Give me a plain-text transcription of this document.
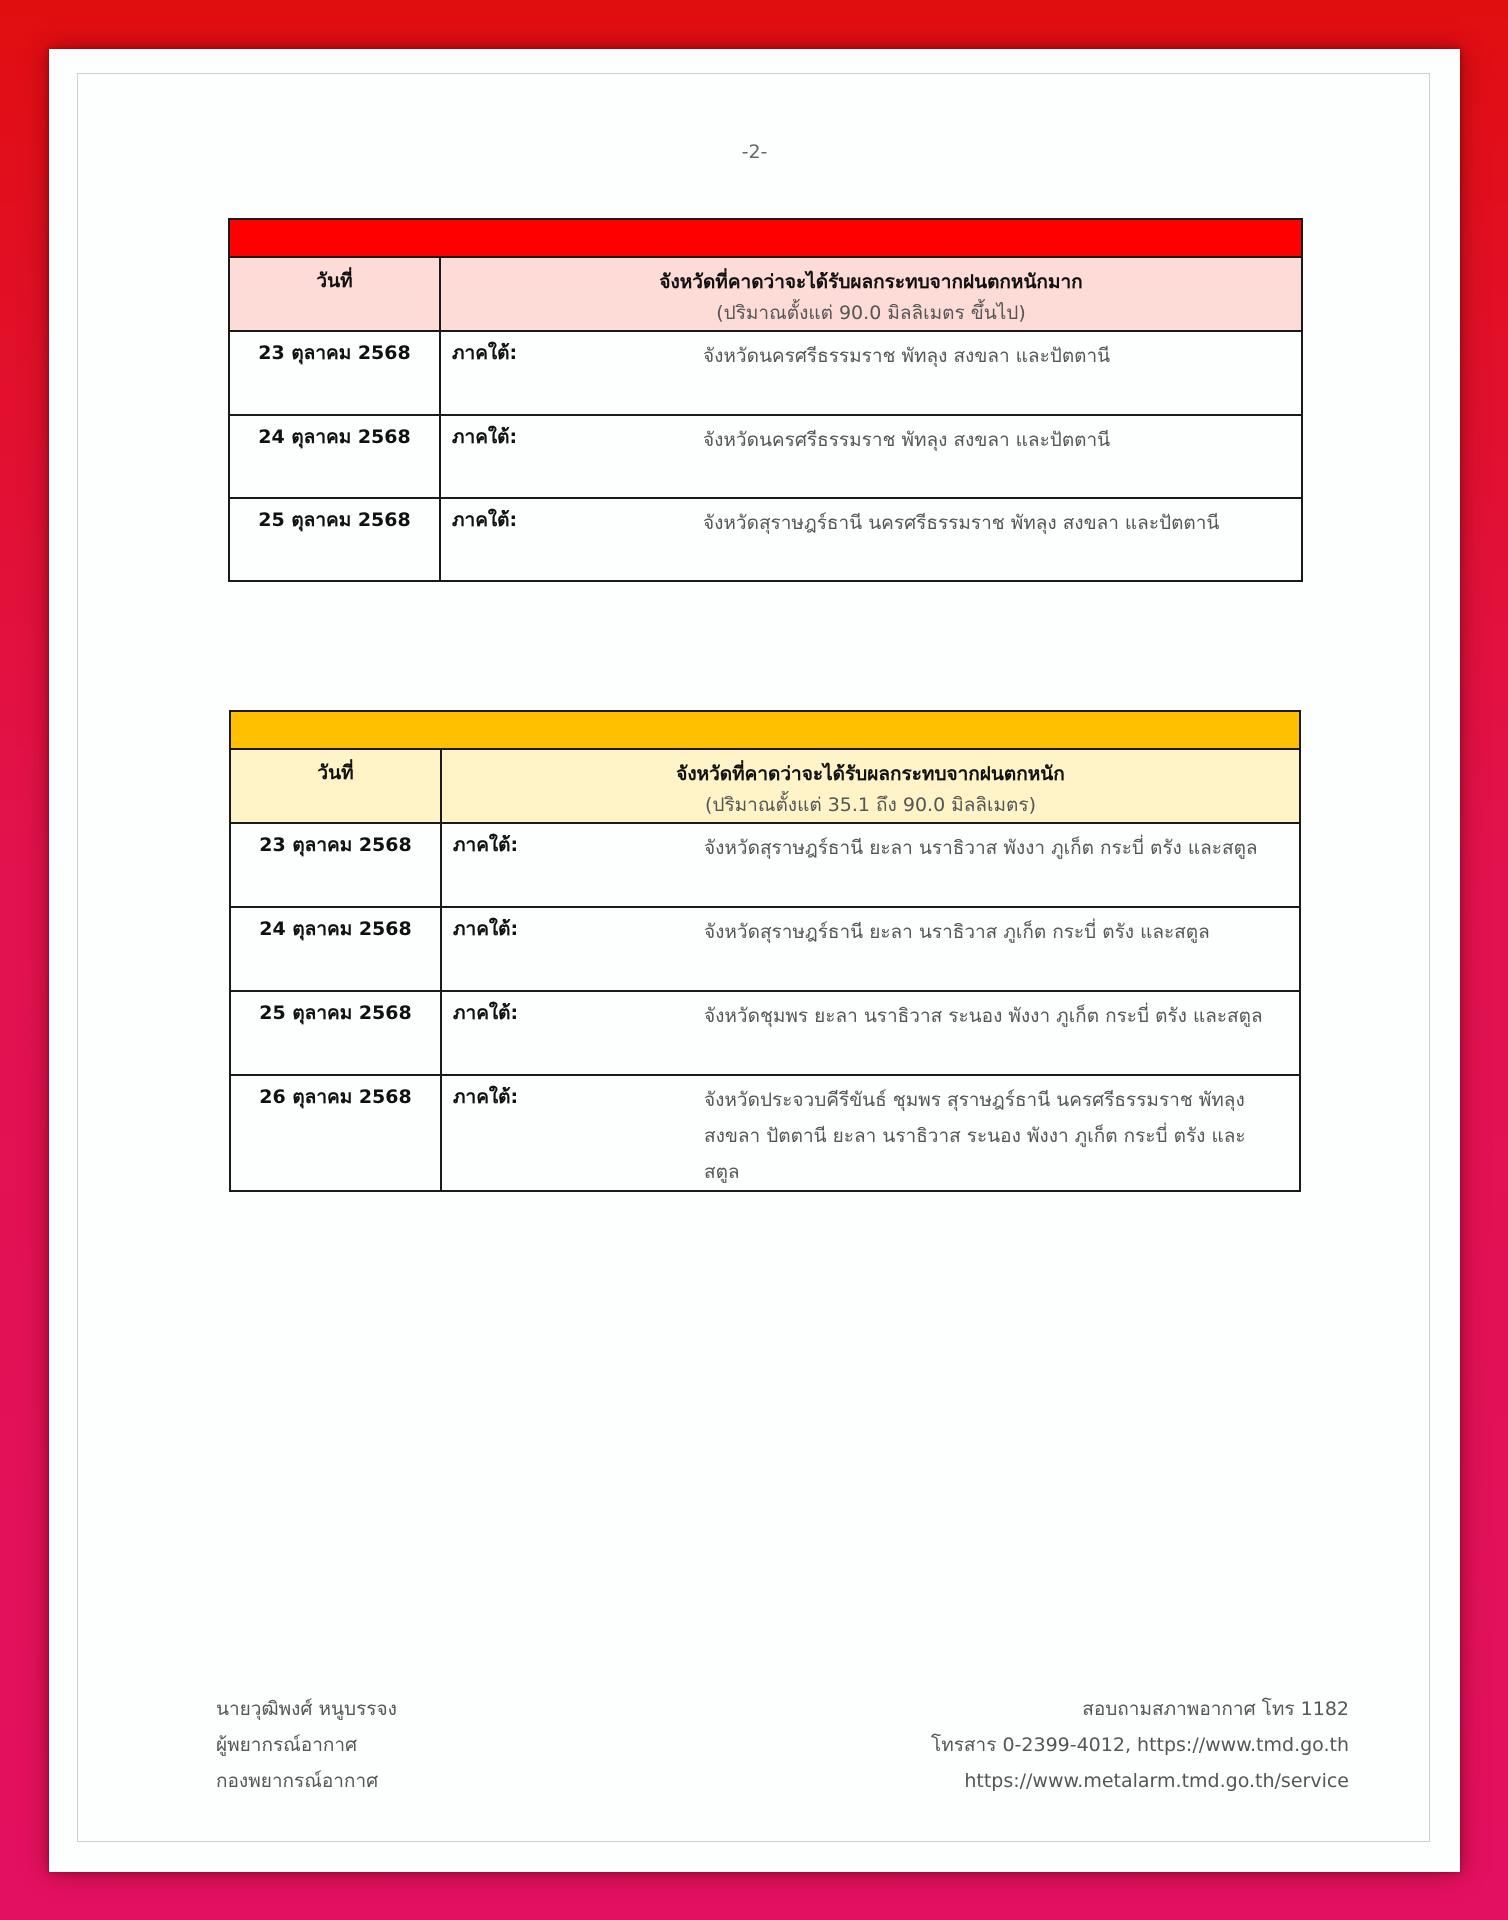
-2-

วันที่	จังหวัดที่คาดว่าจะได้รับผลกระทบจากฝนตกหนักมาก
(ปริมาณตั้งแต่ 90.0 มิลลิเมตร ขึ้นไป)

23 ตุลาคม 2568	ภาคใต้: จังหวัดนครศรีธรรมราช พัทลุง สงขลา และปัตตานี

24 ตุลาคม 2568	ภาคใต้: จังหวัดนครศรีธรรมราช พัทลุง สงขลา และปัตตานี

25 ตุลาคม 2568	ภาคใต้: จังหวัดสุราษฎร์ธานี นครศรีธรรมราช พัทลุง สงขลา และปัตตานี

วันที่	จังหวัดที่คาดว่าจะได้รับผลกระทบจากฝนตกหนัก
(ปริมาณตั้งแต่ 35.1 ถึง 90.0 มิลลิเมตร)

23 ตุลาคม 2568	ภาคใต้: จังหวัดสุราษฎร์ธานี ยะลา นราธิวาส พังงา ภูเก็ต กระบี่ ตรัง และสตูล

24 ตุลาคม 2568	ภาคใต้: จังหวัดสุราษฎร์ธานี ยะลา นราธิวาส ภูเก็ต กระบี่ ตรัง และสตูล

25 ตุลาคม 2568	ภาคใต้: จังหวัดชุมพร ยะลา นราธิวาส ระนอง พังงา ภูเก็ต กระบี่ ตรัง และสตูล

26 ตุลาคม 2568	ภาคใต้: จังหวัดประจวบคีรีขันธ์ ชุมพร สุราษฎร์ธานี นครศรีธรรมราช พัทลุง สงขลา ปัตตานี ยะลา นราธิวาส ระนอง พังงา ภูเก็ต กระบี่ ตรัง และสตูล
นายวุฒิพงศ์ หนูบรรจง
ผู้พยากรณ์อากาศ
กองพยากรณ์อากาศ
สอบถามสภาพอากาศ โทร 1182
โทรสาร 0-2399-4012, https://www.tmd.go.th
https://www.metalarm.tmd.go.th/service
